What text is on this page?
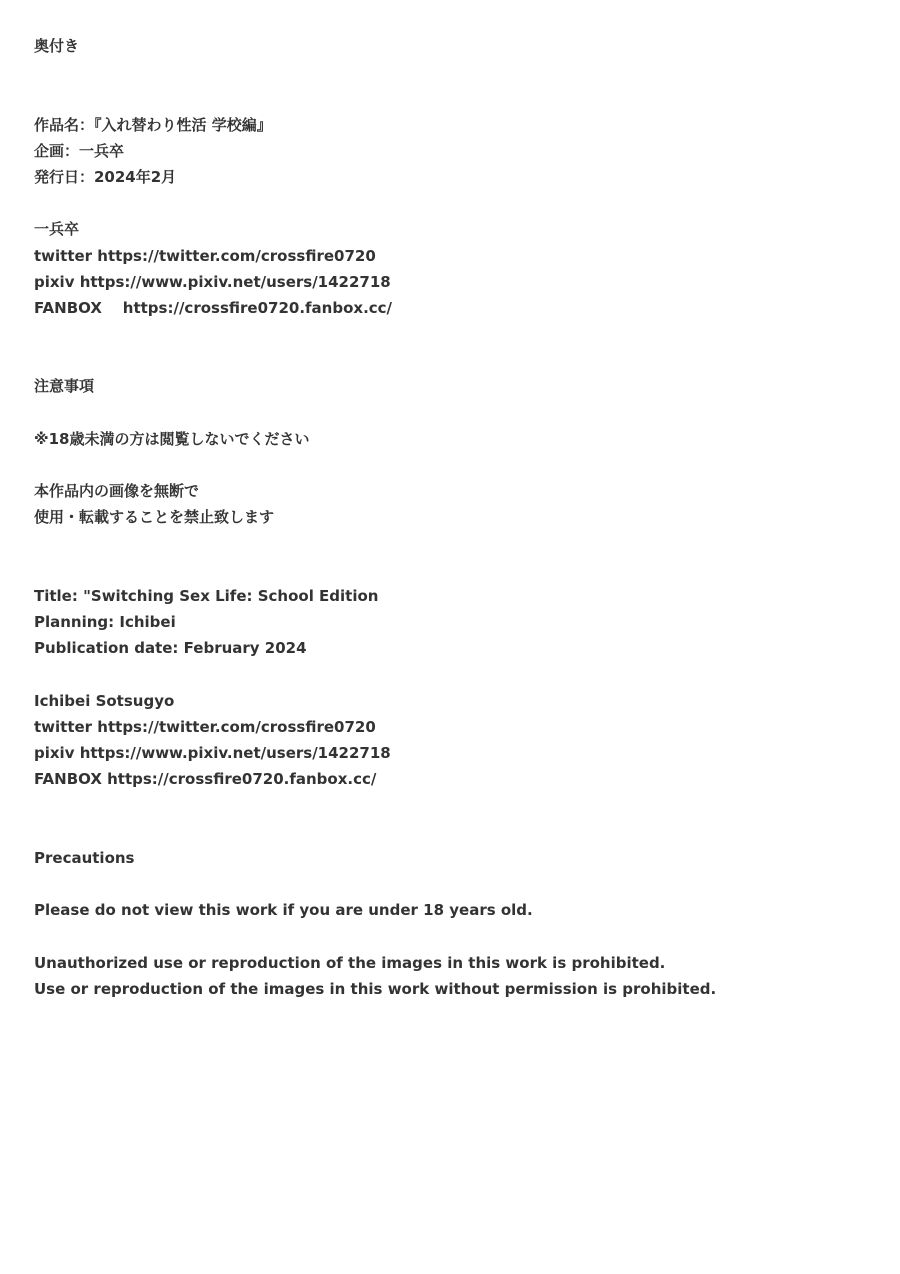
奥付き
作品名：『入れ替わり性活 学校編』
企画：一兵卒
発行日：2024年2月
一兵卒
twitter https://twitter.com/crossfire0720
pixiv https://www.pixiv.net/users/1422718
FANBOX    https://crossfire0720.fanbox.cc/
注意事項
※18歳未満の方は閲覧しないでください
本作品内の画像を無断で
使用・転載することを禁止致します
Title: "Switching Sex Life: School Edition
Planning: Ichibei
Publication date: February 2024
Ichibei Sotsugyo
twitter https://twitter.com/crossfire0720
pixiv https://www.pixiv.net/users/1422718
FANBOX https://crossfire0720.fanbox.cc/
Precautions
Please do not view this work if you are under 18 years old.
Unauthorized use or reproduction of the images in this work is prohibited.
Use or reproduction of the images in this work without permission is prohibited.
